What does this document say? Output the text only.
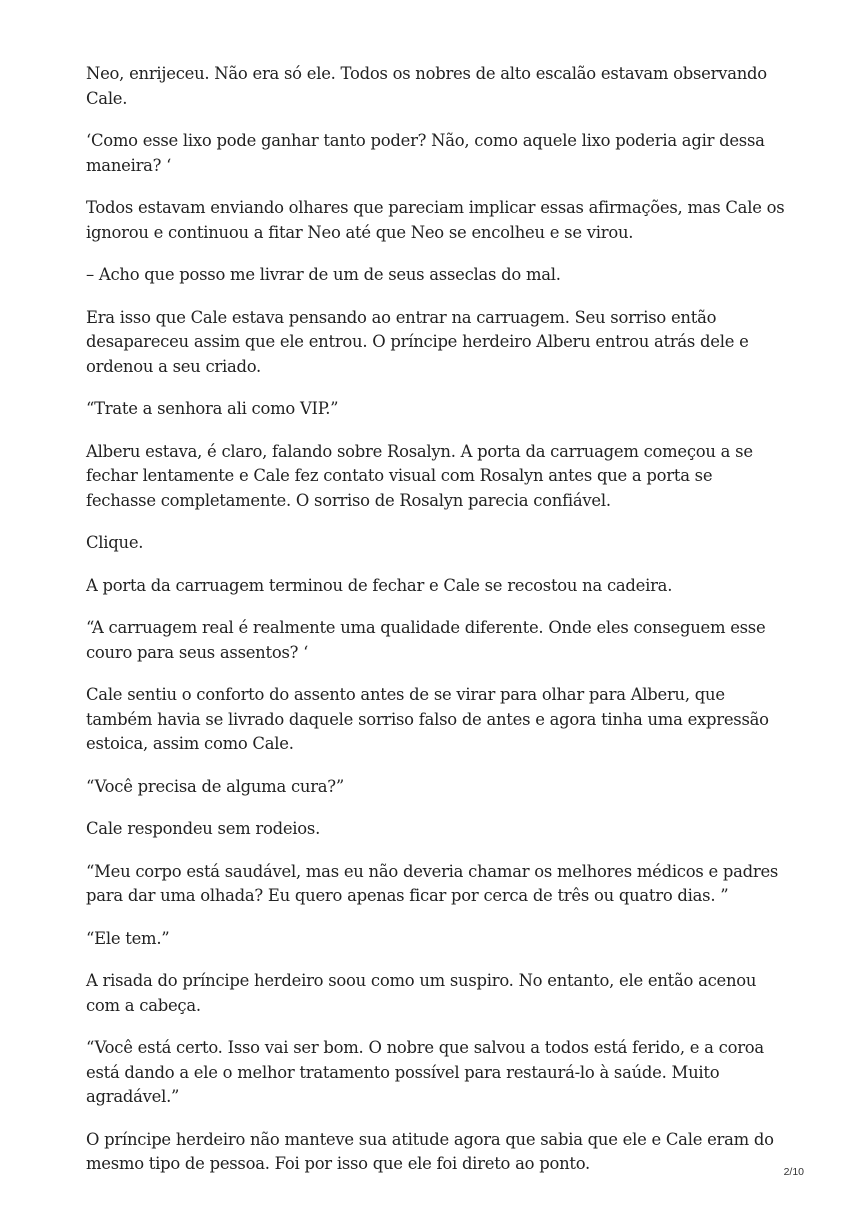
Neo, enrijeceu. Não era só ele. Todos os nobres de alto escalão estavam observando Cale.

‘Como esse lixo pode ganhar tanto poder? Não, como aquele lixo poderia agir dessa maneira? ‘

Todos estavam enviando olhares que pareciam implicar essas afirmações, mas Cale os ignorou e continuou a fitar Neo até que Neo se encolheu e se virou.

– Acho que posso me livrar de um de seus asseclas do mal.

Era isso que Cale estava pensando ao entrar na carruagem. Seu sorriso então desapareceu assim que ele entrou. O príncipe herdeiro Alberu entrou atrás dele e ordenou a seu criado.

“Trate a senhora ali como VIP.”

Alberu estava, é claro, falando sobre Rosalyn. A porta da carruagem começou a se fechar lentamente e Cale fez contato visual com Rosalyn antes que a porta se fechasse completamente. O sorriso de Rosalyn parecia confiável.

Clique.

A porta da carruagem terminou de fechar e Cale se recostou na cadeira.

“A carruagem real é realmente uma qualidade diferente. Onde eles conseguem esse couro para seus assentos? ‘

Cale sentiu o conforto do assento antes de se virar para olhar para Alberu, que também havia se livrado daquele sorriso falso de antes e agora tinha uma expressão estoica, assim como Cale.

“Você precisa de alguma cura?”

Cale respondeu sem rodeios.

“Meu corpo está saudável, mas eu não deveria chamar os melhores médicos e padres para dar uma olhada? Eu quero apenas ficar por cerca de três ou quatro dias. ”

“Ele tem.”

A risada do príncipe herdeiro soou como um suspiro. No entanto, ele então acenou com a cabeça.

“Você está certo. Isso vai ser bom. O nobre que salvou a todos está ferido, e a coroa está dando a ele o melhor tratamento possível para restaurá-lo à saúde. Muito agradável.”

O príncipe herdeiro não manteve sua atitude agora que sabia que ele e Cale eram do mesmo tipo de pessoa. Foi por isso que ele foi direto ao ponto.	2/10
